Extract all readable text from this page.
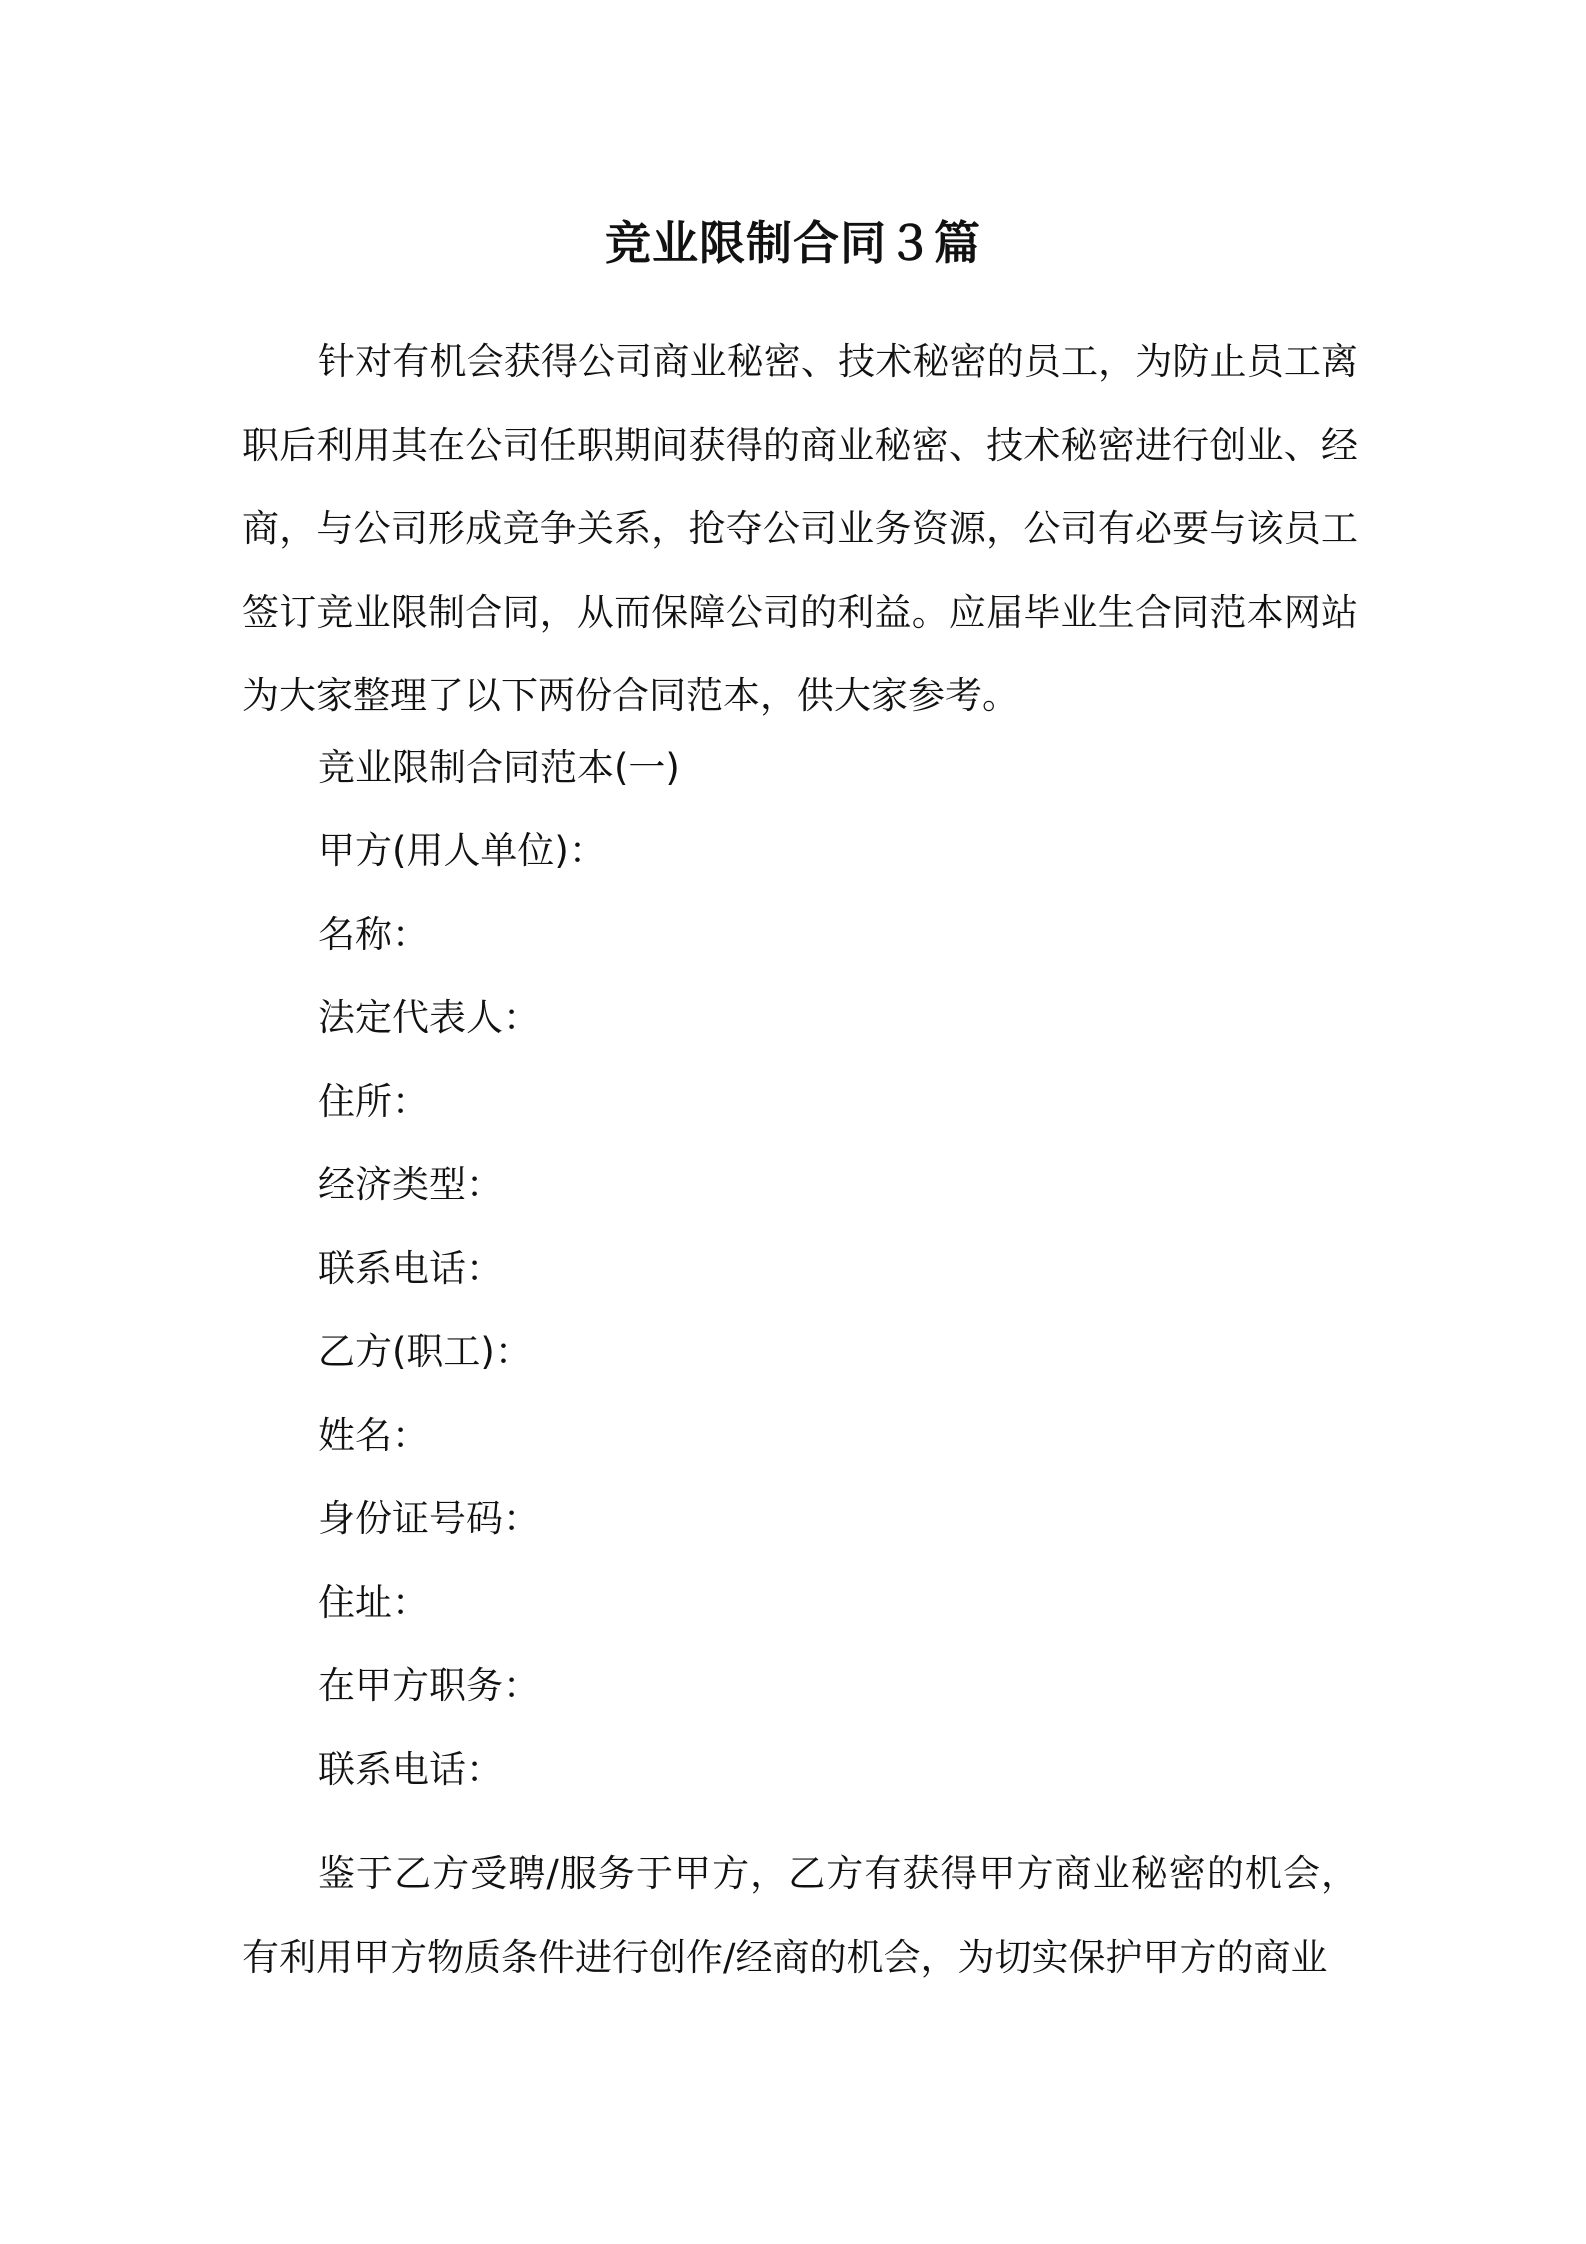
竞业限制合同３篇

针对有机会获得公司商业秘密、技术秘密的员工，为防止员工离职后利用其在公司任职期间获得的商业秘密、技术秘密进行创业、经商，与公司形成竞争关系，抢夺公司业务资源，公司有必要与该员工签订竞业限制合同，从而保障公司的利益。应届毕业生合同范本网站为大家整理了以下两份合同范本，供大家参考。

竞业限制合同范本(一)
甲方(用人单位)：
名称：
法定代表人：
住所：
经济类型：
联系电话：
乙方(职工)：
姓名：
身份证号码：
住址：
在甲方职务：
联系电话：

鉴于乙方受聘/服务于甲方，乙方有获得甲方商业秘密的机会，有利用甲方物质条件进行创作/经商的机会，为切实保护甲方的商业
